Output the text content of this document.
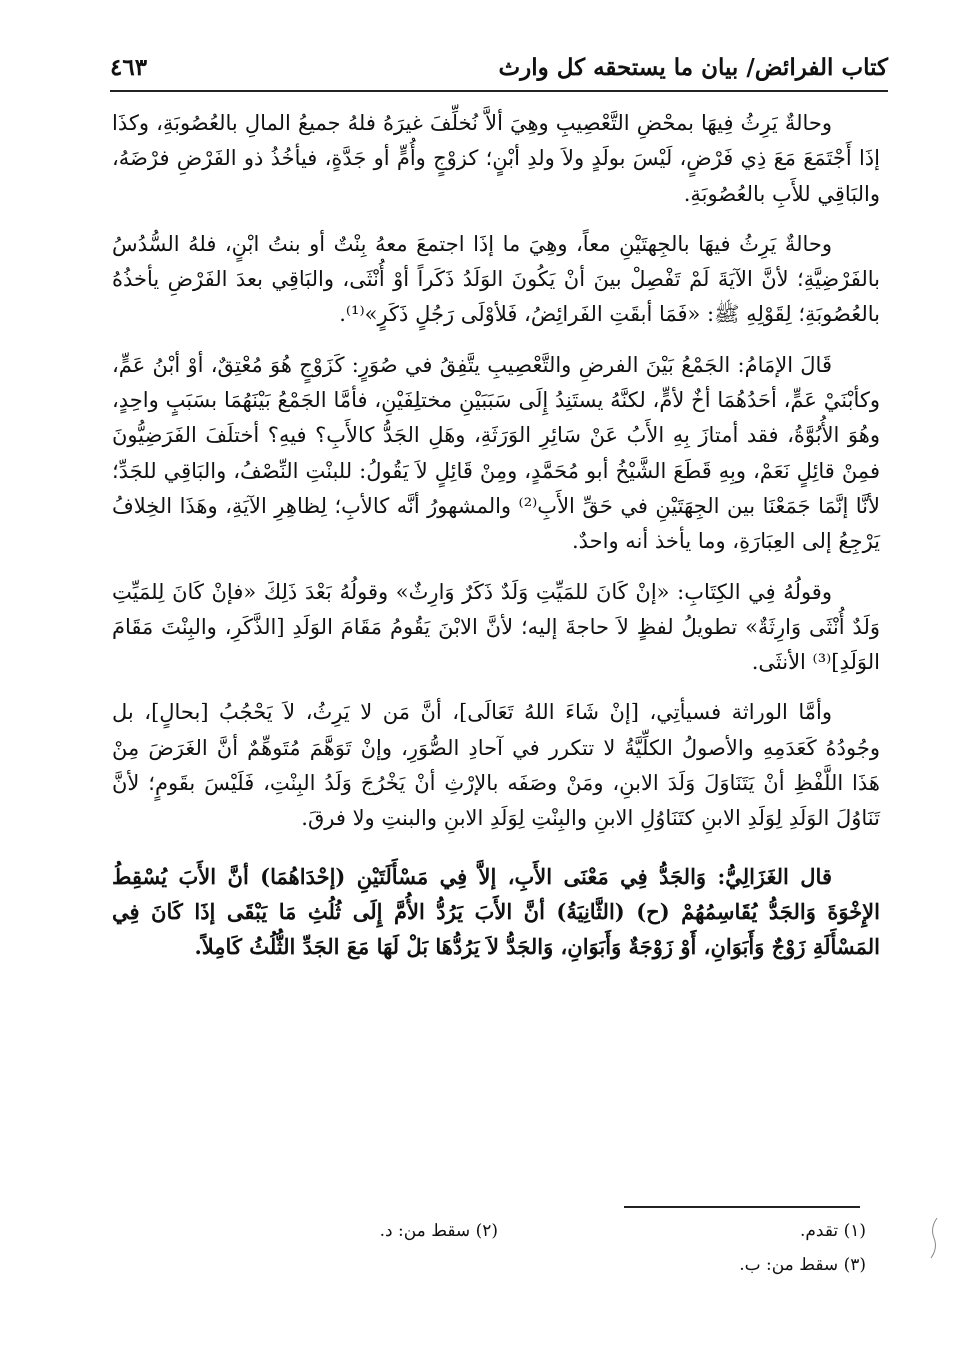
كتاب الفرائض/ بيان ما يستحقه كل وارث
٤٦٣

وحالةٌ يَرِثُ فِيهَا بمحْضِ التَّعْصِيبِ وهِيَ ألاَّ نُخلِّفَ غيرَهُ فلهُ جميعُ المالِ بالعُصُوبَةِ، وكذَا إذَا أَجْتَمَعَ مَعَ ذِي فَرْضٍ، لَيْسَ بولَدٍ ولاَ ولدِ أبْنٍ؛ كزوْجٍ وأُمٍّ أو جَدَّةٍ، فيأخُذُ ذو الفَرْضِ فرْضَهُ، والبَاقِي للأَبِ بالعُصُوبَةِ.

وحالةٌ يَرِثُ فيهَا بالجِهتَيْنِ معاً، وهِيَ ما إذَا اجتمعَ معهُ بِنْتٌ أو بنتُ ابْنٍ، فلهُ السُّدُسُ بالفَرْضِيَّةِ؛ لأنَّ الآيَةَ لَمْ تَفْصِلْ بينَ أنْ يَكُونَ الوَلَدُ ذَكَراً أوْ أُنْثَى، والبَاقِي بعدَ الفَرْضِ يأخذُهُ بالعُصُوبَةِ؛ لِقَوْلِهِ ﷺ: «فَمَا أبقَتِ الفَرائِضُ، فَلأوْلَى رَجُلٍ ذَكَرٍ»⁽¹⁾.

قَالَ الإمَامُ: الجَمْعُ بَيْنَ الفرضِ والتَّعْصِيبِ يتَّفِقُ في صُوَرٍ: كَزَوْجٍ هُوَ مُعْتِقٌ، أوْ أبْنُ عَمٍّ، وكأبْنَيْ عَمٍّ، أحَدُهُمَا أخٌ لأمٍّ، لكنَّهُ يستَنِدُ إِلَى سَبَبَيْنِ مختلِفَيْنِ، فأمَّا الجَمْعُ بَيْنَهُمَا بسَبَبٍ واحِدٍ، وهُوَ الأُبُوَّةُ، فقد أمتازَ بِهِ الأَبُ عَنْ سَائِرِ الوَرَثَةِ، وهَلِ الجَدُّ كالأَبِ؟ فيهِ؟ أختلَفَ الفَرَضِيُّونَ فمِنْ قائِلٍ نَعَمْ، وبِهِ قَطَعَ الشَّيْخُ أبو مُحَمَّدٍ، ومِنْ قَائِلٍ لاَ يَقُولُ: للبنْتِ النِّصْفُ، والبَاقِي للجَدِّ؛ لأنَّا إنَّمَا جَمَعْنَا بين الجِهَتَيْنِ في حَقِّ الأَبِ⁽²⁾ والمشهورُ أنَّه كالأبِ؛ لِظاهِرِ الآيَةِ، وهَذَا الخِلافُ يَرْجِعُ إلى العِبَارَةِ، وما يأخذ أنه واحدٌ.

وقولُهُ فِي الكِتَابِ: «إنْ كَانَ للمَيِّتِ وَلَدٌ ذَكَرٌ وَارِثٌ» وقولُهُ بَعْدَ ذَلِكَ «فإنْ كَانَ لِلمَيِّتِ وَلَدٌ أُنْثَى وَارِثَةٌ» تطويلُ لفظٍ لاَ حاجةَ إليه؛ لأنَّ الابْنَ يَقُومُ مَقَامَ الوَلَدِ [الذَّكَرِ، والبِنْتَ مَقَامَ الوَلَدِ]⁽³⁾ الأنثَى.

وأمَّا الوراثة فسيأتِي، [إنْ شَاءَ اللهُ تَعَالَى]، أنَّ مَن لا يَرِثُ، لاَ يَحْجُبُ [بحالٍ]، بل وجُودُهُ كَعَدَمِهِ والأصولُ الكلِّيَّةُ لا تتكرر في آحادِ الصُّوَرِ، وإنْ تَوَهَّمَ مُتَوهِّمٌ أنَّ الغَرَضَ مِنْ هَذَا اللَّفْظِ أنْ يَتَنَاوَلَ وَلَدَ الابنِ، ومَنْ وصَفَه بالإرْثِ أنْ يَخْرُجَ وَلَدُ البِنْتِ، فَلَيْسَ بقَومٍ؛ لأنَّ تَنَاوُلَ الوَلَدِ لِوَلَدِ الابنِ كتَنَاوُلِ الابنِ والبِنْتِ لِوَلَدِ الابنِ والبنتِ ولا فرقَ.

قال الغَزَالِيُّ: وَالجَدُّ فِي مَعْنَى الأَبِ، إلاَّ فِي مَسْأَلَتَيْنِ (إحْدَاهُمَا) أنَّ الأَبَ يُسْقِطُ الإِخْوَةَ وَالجَدُّ يُقَاسِمُهُمْ (ح) (الثَّانِيَةُ) أنَّ الأَبَ يَرُدُّ الأُمَّ إِلَى ثُلُثِ مَا يَبْقَى إذَا كَانَ فِي المَسْأَلَةِ زَوْجٌ وَأَبَوَانِ، أَوْ زَوْجَةٌ وَأَبَوَانِ، وَالجَدُّ لاَ يَرُدُّهَا بَلْ لَهَا مَعَ الجَدِّ الثُّلُثُ كَامِلاً.

(١) تقدم.
(٢) سقط من: د.
(٣) سقط من: ب.
